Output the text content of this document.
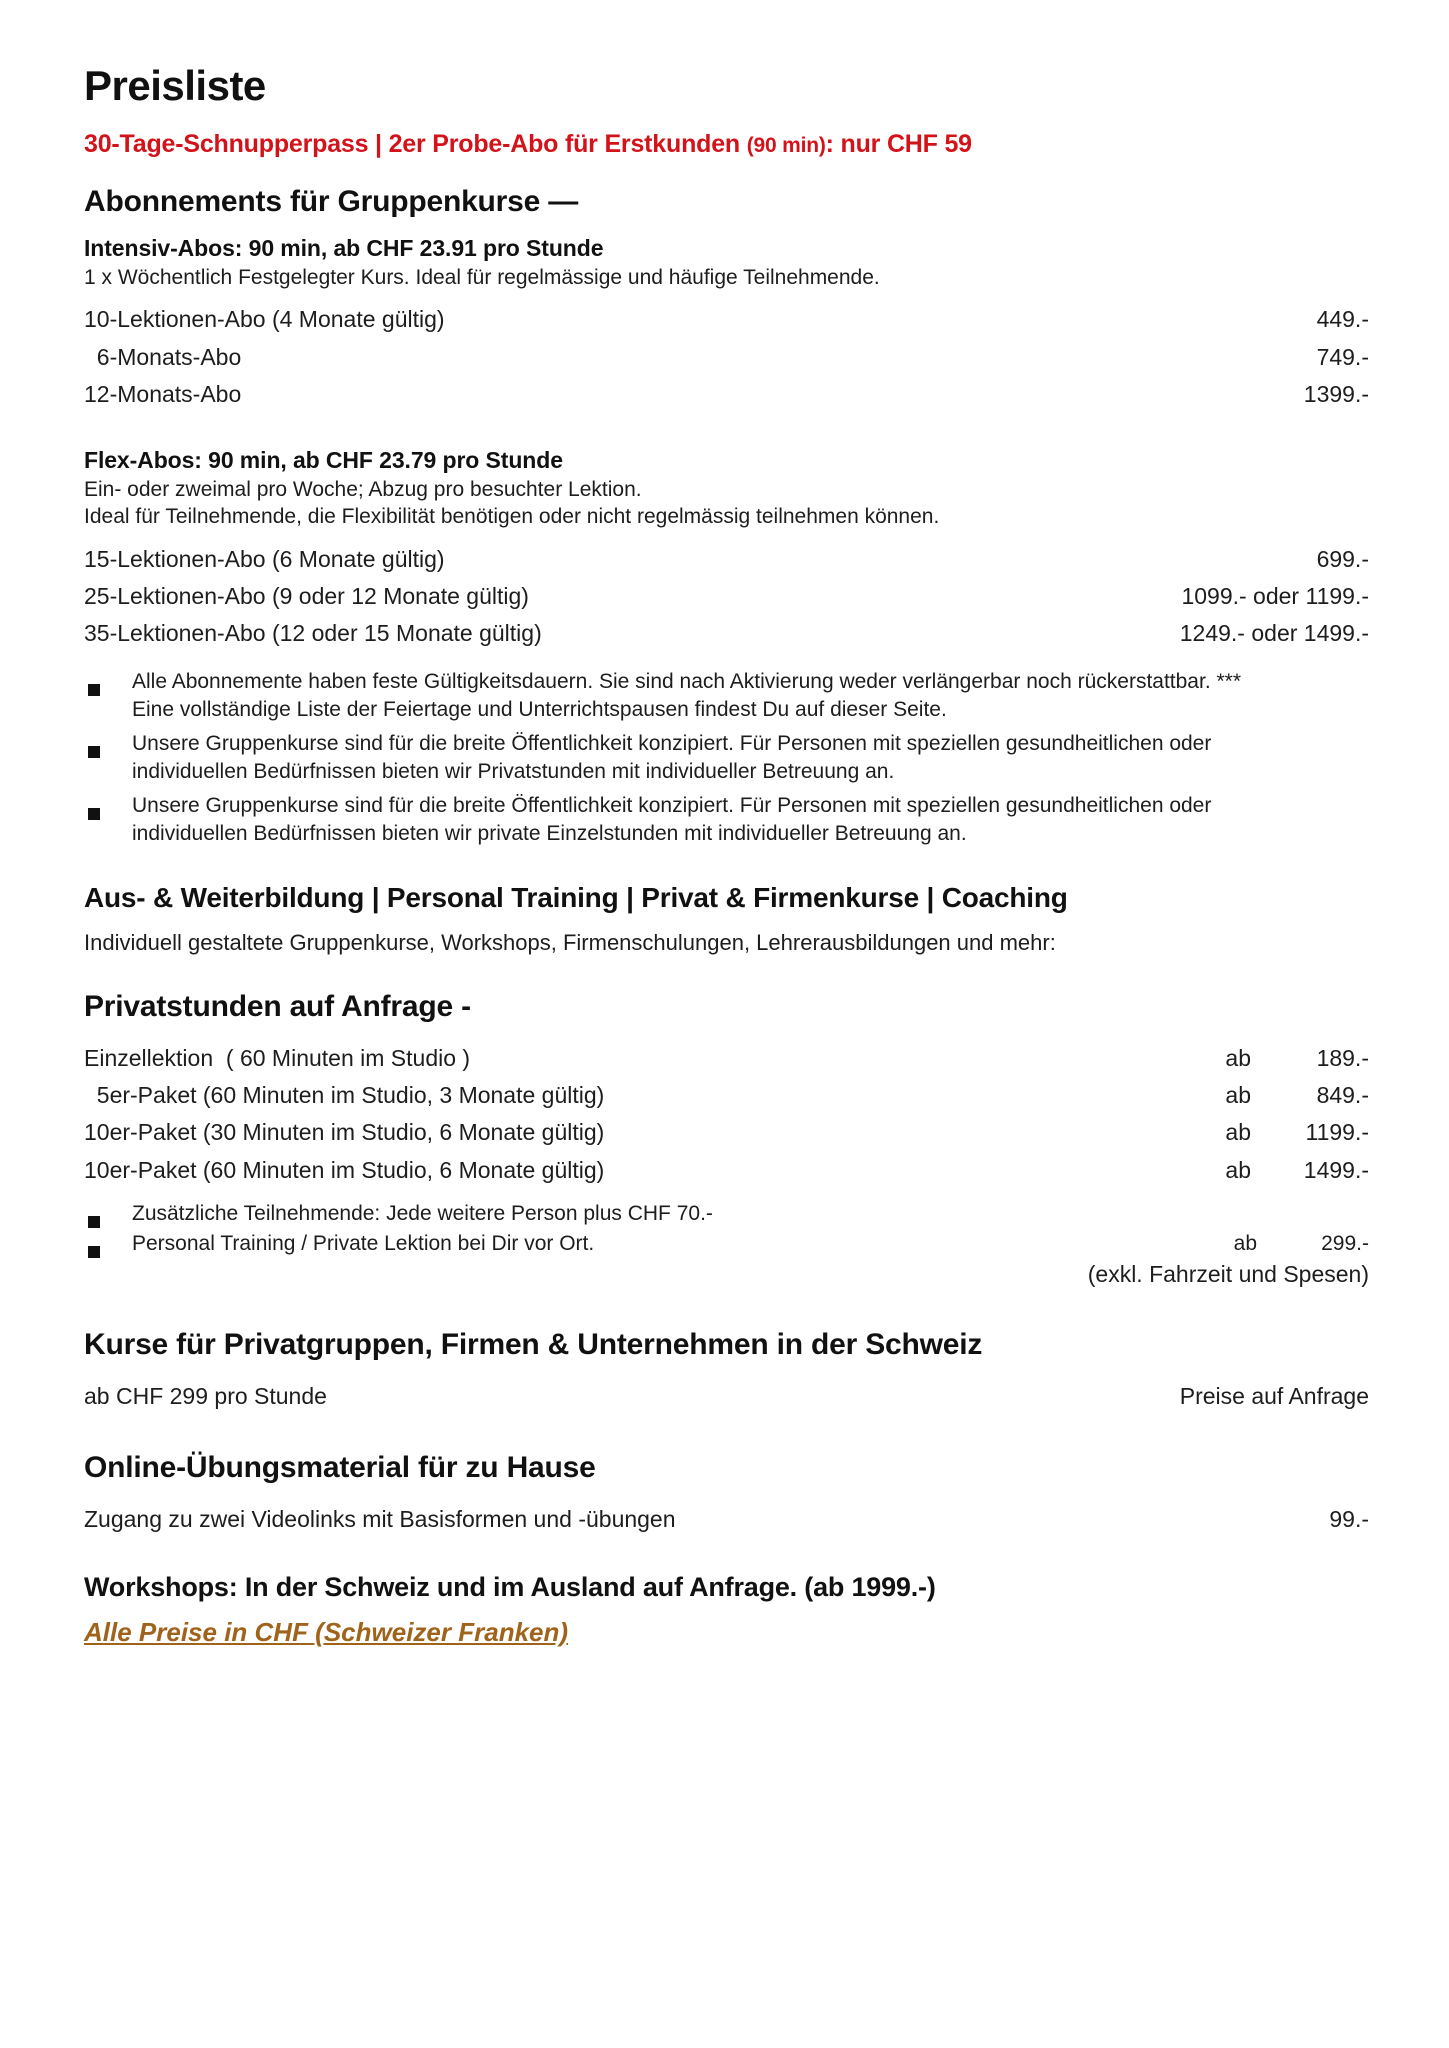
Preisliste

30-Tage-Schnupperpass | 2er Probe-Abo für Erstkunden (90 min): nur CHF 59

Abonnements für Gruppenkurse —
Intensiv-Abos: 90 min, ab CHF 23.91 pro Stunde

1 x Wöchentlich Festgelegter Kurs. Ideal für regelmässige und häufige Teilnehmende.

10-Lektionen-Abo (4 Monate gültig)	449.-
6-Monats-Abo	749.-
12-Monats-Abo	1399.-
Flex-Abos: 90 min, ab CHF 23.79 pro Stunde

Ein- oder zweimal pro Woche; Abzug pro besuchter Lektion.

Ideal für Teilnehmende, die Flexibilität benötigen oder nicht regelmässig teilnehmen können.

15-Lektionen-Abo (6 Monate gültig)	699.-
25-Lektionen-Abo (9 oder 12 Monate gültig)	1099.- oder 1199.-
35-Lektionen-Abo (12 oder 15 Monate gültig)	1249.- oder 1499.-
Alle Abonnemente haben feste Gültigkeitsdauern. Sie sind nach Aktivierung weder verlängerbar noch rückerstattbar. *** Eine vollständige Liste der Feiertage und Unterrichtspausen findest Du auf dieser Seite.
Unsere Gruppenkurse sind für die breite Öffentlichkeit konzipiert. Für Personen mit speziellen gesundheitlichen oder individuellen Bedürfnissen bieten wir Privatstunden mit individueller Betreuung an.
Unsere Gruppenkurse sind für die breite Öffentlichkeit konzipiert. Für Personen mit speziellen gesundheitlichen oder individuellen Bedürfnissen bieten wir private Einzelstunden mit individueller Betreuung an.
Aus- & Weiterbildung | Personal Training | Privat & Firmenkurse | Coaching

Individuell gestaltete Gruppenkurse, Workshops, Firmenschulungen, Lehrerausbildungen und mehr:

Privatstunden auf Anfrage -
Einzellektion  ( 60 Minuten im Studio )	ab	189.-
5er-Paket (60 Minuten im Studio, 3 Monate gültig)	ab	849.-
10er-Paket (30 Minuten im Studio, 6 Monate gültig)	ab	1199.-
10er-Paket (60 Minuten im Studio, 6 Monate gültig)	ab	1499.-
Zusätzliche Teilnehmende: Jede weitere Person plus CHF 70.-
Personal Training / Private Lektion bei Dir vor Ort.	ab	299.-

(exkl. Fahrzeit und Spesen)

Kurse für Privatgruppen, Firmen & Unternehmen in der Schweiz
ab CHF 299 pro Stunde	Preise auf Anfrage
Online-Übungsmaterial für zu Hause
Zugang zu zwei Videolinks mit Basisformen und -übungen	99.-
Workshops: In der Schweiz und im Ausland auf Anfrage. (ab 1999.-)

Alle Preise in CHF (Schweizer Franken)
